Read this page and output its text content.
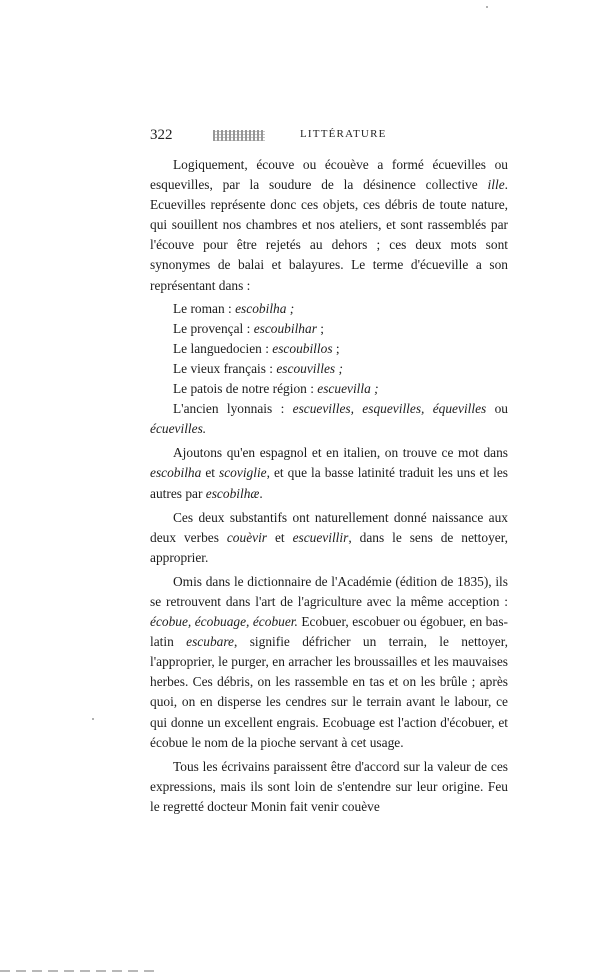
322	LITTÉRATURE

Logiquement, écouve ou écouève a formé écuevilles ou esquevilles, par la soudure de la désinence collective ille. Ecuevilles représente donc ces objets, ces débris de toute nature, qui souillent nos chambres et nos ateliers, et sont rassemblés par l'écouve pour être rejetés au dehors ; ces deux mots sont synonymes de balai et balayures. Le terme d'écueville a son représentant dans :

Le roman : escobilha ;

Le provençal : escoubilhar ;

Le languedocien : escoubillos ;

Le vieux français : escouvilles ;

Le patois de notre région : escuevilla ;

L'ancien lyonnais : escuevilles, esquevilles, équevilles ou écuevilles.

Ajoutons qu'en espagnol et en italien, on trouve ce mot dans escobilha et scoviglie, et que la basse latinité traduit les uns et les autres par escobilhæ.

Ces deux substantifs ont naturellement donné naissance aux deux verbes couèvir et escuevillir, dans le sens de nettoyer, approprier.

Omis dans le dictionnaire de l'Académie (édition de 1835), ils se retrouvent dans l'art de l'agriculture avec la même acception : écobue, écobuage, écobuer. Ecobuer, escobuer ou égobuer, en bas-latin escubare, signifie défricher un terrain, le nettoyer, l'approprier, le purger, en arracher les broussailles et les mauvaises herbes. Ces débris, on les rassemble en tas et on les brûle ; après quoi, on en disperse les cendres sur le terrain avant le labour, ce qui donne un excellent engrais. Ecobuage est l'action d'écobuer, et écobue le nom de la pioche servant à cet usage.

Tous les écrivains paraissent être d'accord sur la valeur de ces expressions, mais ils sont loin de s'entendre sur leur origine. Feu le regretté docteur Monin fait venir couève
